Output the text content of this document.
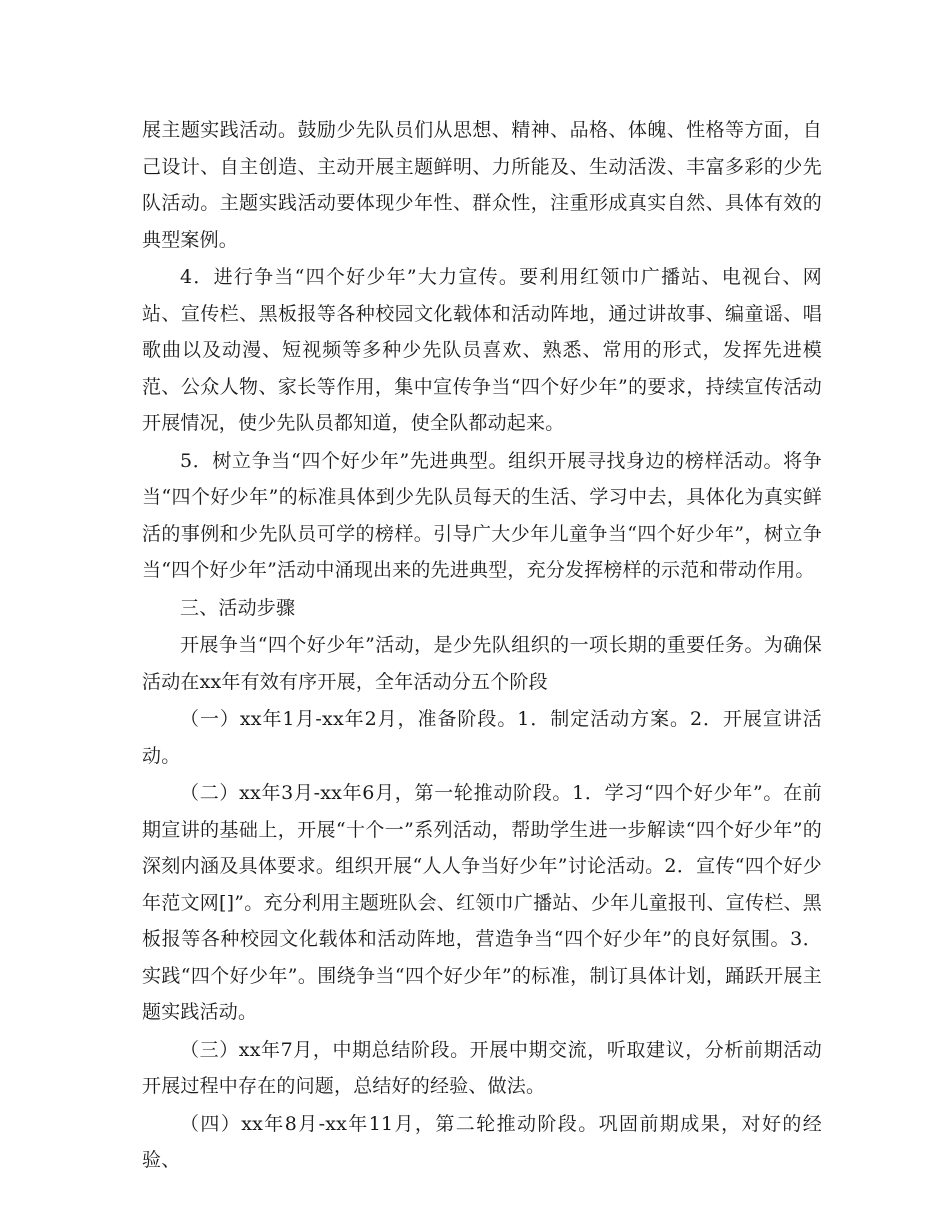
展主题实践活动。鼓励少先队员们从思想、精神、品格、体魄、性格等方面，自己设计、自主创造、主动开展主题鲜明、力所能及、生动活泼、丰富多彩的少先队活动。主题实践活动要体现少年性、群众性，注重形成真实自然、具体有效的典型案例。

4．进行争当“四个好少年”大力宣传。要利用红领巾广播站、电视台、网站、宣传栏、黑板报等各种校园文化载体和活动阵地，通过讲故事、编童谣、唱歌曲以及动漫、短视频等多种少先队员喜欢、熟悉、常用的形式，发挥先进模范、公众人物、家长等作用，集中宣传争当“四个好少年”的要求，持续宣传活动开展情况，使少先队员都知道，使全队都动起来。

5．树立争当“四个好少年”先进典型。组织开展寻找身边的榜样活动。将争当“四个好少年”的标准具体到少先队员每天的生活、学习中去，具体化为真实鲜活的事例和少先队员可学的榜样。引导广大少年儿童争当“四个好少年”，树立争当“四个好少年”活动中涌现出来的先进典型，充分发挥榜样的示范和带动作用。

三、活动步骤

开展争当“四个好少年”活动，是少先队组织的一项长期的重要任务。为确保活动在xx年有效有序开展，全年活动分五个阶段

（一）xx年1月-xx年2月，准备阶段。1．制定活动方案。2．开展宣讲活动。

（二）xx年3月-xx年6月，第一轮推动阶段。1．学习“四个好少年”。在前期宣讲的基础上，开展“十个一”系列活动，帮助学生进一步解读“四个好少年”的深刻内涵及具体要求。组织开展“人人争当好少年”讨论活动。2．宣传“四个好少年范文网[]”。充分利用主题班队会、红领巾广播站、少年儿童报刊、宣传栏、黑板报等各种校园文化载体和活动阵地，营造争当“四个好少年”的良好氛围。3．实践“四个好少年”。围绕争当“四个好少年”的标准，制订具体计划，踊跃开展主题实践活动。

（三）xx年7月，中期总结阶段。开展中期交流，听取建议，分析前期活动开展过程中存在的问题，总结好的经验、做法。

（四）xx年8月-xx年11月，第二轮推动阶段。巩固前期成果，对好的经验、
